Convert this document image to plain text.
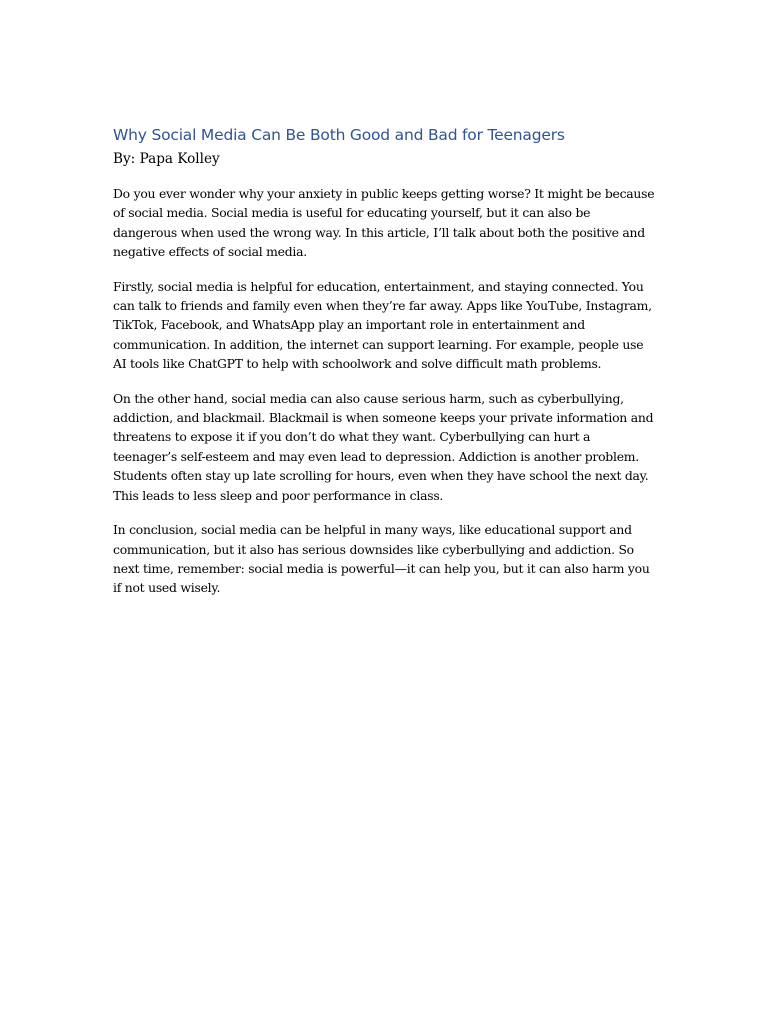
Why Social Media Can Be Both Good and Bad for Teenagers

By: Papa Kolley

Do you ever wonder why your anxiety in public keeps getting worse? It might be because of social media. Social media is useful for educating yourself, but it can also be dangerous when used the wrong way. In this article, I’ll talk about both the positive and negative effects of social media.

Firstly, social media is helpful for education, entertainment, and staying connected. You can talk to friends and family even when they’re far away. Apps like YouTube, Instagram, TikTok, Facebook, and WhatsApp play an important role in entertainment and communication. In addition, the internet can support learning. For example, people use AI tools like ChatGPT to help with schoolwork and solve difficult math problems.

On the other hand, social media can also cause serious harm, such as cyberbullying, addiction, and blackmail. Blackmail is when someone keeps your private information and threatens to expose it if you don’t do what they want. Cyberbullying can hurt a teenager’s self-esteem and may even lead to depression. Addiction is another problem. Students often stay up late scrolling for hours, even when they have school the next day. This leads to less sleep and poor performance in class.

In conclusion, social media can be helpful in many ways, like educational support and communication, but it also has serious downsides like cyberbullying and addiction. So next time, remember: social media is powerful—it can help you, but it can also harm you if not used wisely.
